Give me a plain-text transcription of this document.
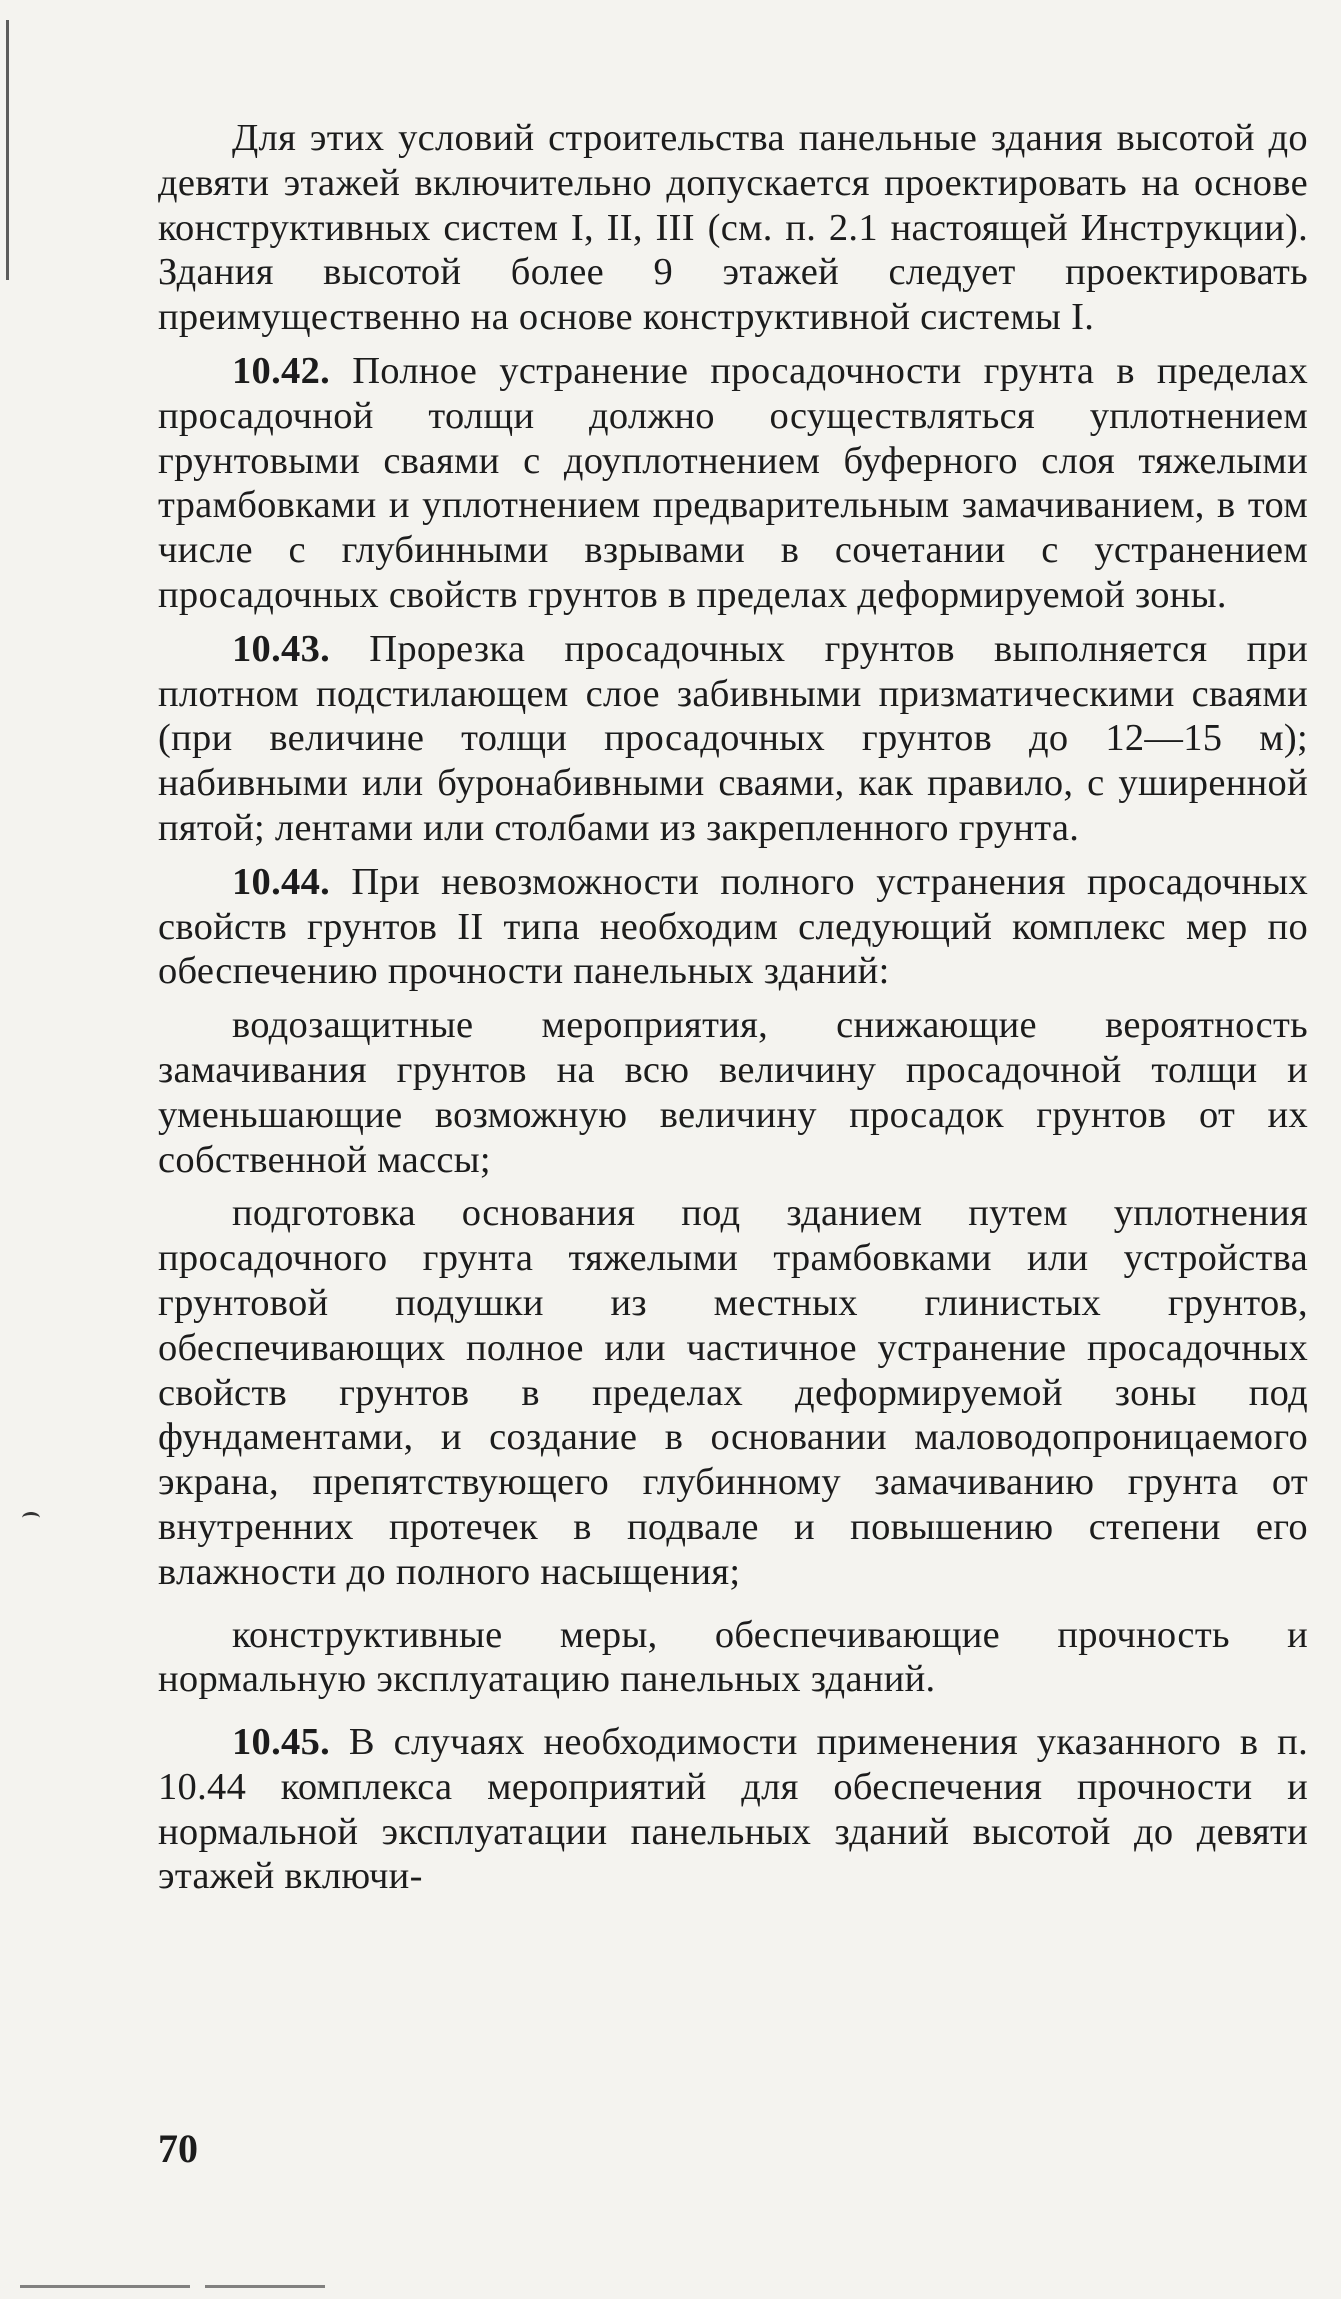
Для этих условий строительства панельные здания высотой до девяти этажей включительно допускается проектировать на основе конструктивных систем I, II, III (см. п. 2.1 настоящей Инструкции). Здания высотой более 9 этажей следует проектировать преимущественно на основе конструктивной системы I.

10.42. Полное устранение просадочности грунта в пределах просадочной толщи должно осуществляться уплотнением грунтовыми сваями с доуплотнением буферного слоя тяжелыми трамбовками и уплотнением предварительным замачиванием, в том числе с глубинными взрывами в сочетании с устранением просадочных свойств грунтов в пределах деформируемой зоны.

10.43. Прорезка просадочных грунтов выполняется при плотном подстилающем слое забивными призматическими сваями (при величине толщи просадочных грунтов до 12—15 м); набивными или буронабивными сваями, как правило, с уширенной пятой; лентами или столбами из закрепленного грунта.

10.44. При невозможности полного устранения просадочных свойств грунтов II типа необходим следующий комплекс мер по обеспечению прочности панельных зданий:

водозащитные мероприятия, снижающие вероятность замачивания грунтов на всю величину просадочной толщи и уменьшающие возможную величину просадок грунтов от их собственной массы;

подготовка основания под зданием путем уплотнения просадочного грунта тяжелыми трамбовками или устройства грунтовой подушки из местных глинистых грунтов, обеспечивающих полное или частичное устранение просадочных свойств грунтов в пределах деформируемой зоны под фундаментами, и создание в основании маловодопроницаемого экрана, препятствующего глубинному замачиванию грунта от внутренних протечек в подвале и повышению степени его влажности до полного насыщения;

конструктивные меры, обеспечивающие прочность и нормальную эксплуатацию панельных зданий.

10.45. В случаях необходимости применения указанного в п. 10.44 комплекса мероприятий для обеспечения прочности и нормальной эксплуатации панельных зданий высотой до девяти этажей включи-

70
